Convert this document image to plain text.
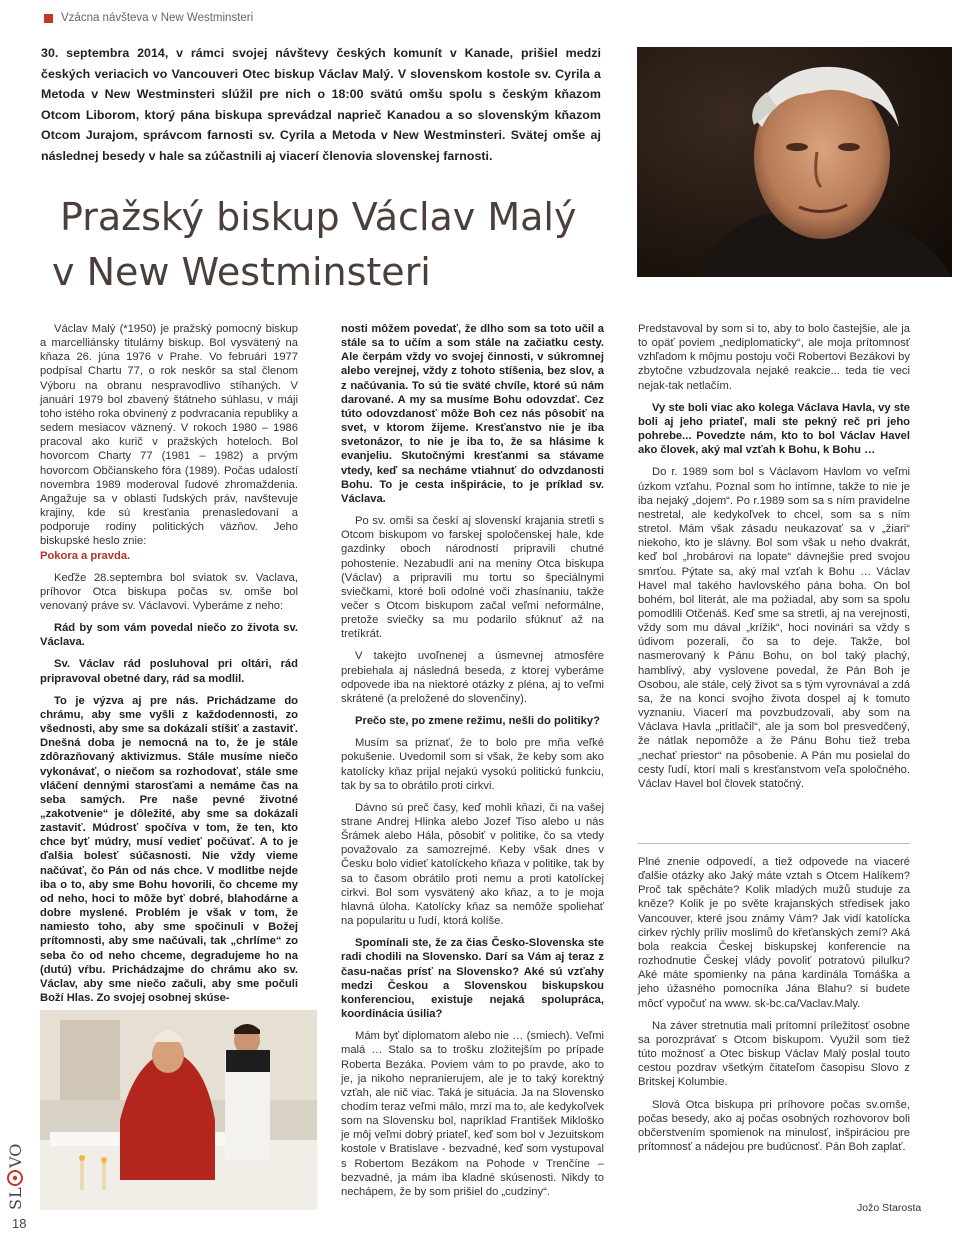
Vzácna návšteva v New Westminsteri
30. septembra 2014, v rámci svojej návštevy českých komunít v Kanade, prišiel medzi českých veriacich vo Vancouveri Otec biskup Václav Malý. V slovenskom kostole sv. Cyrila a Metoda v New Westminsteri slúžil pre nich o 18:00 svätú omšu spolu s českým kňazom Otcom Liborom, ktorý pána biskupa sprevádzal naprieč Kanadou a so slovenským kňazom Otcom Jurajom, správcom farnosti sv. Cyrila a Metoda v New Westminsteri. Svätej omše aj následnej besedy v hale sa zúčastnili aj viacerí členovia slovenskej farnosti.
Pražský biskup Václav Malý
v New Westminsteri

Václav Malý (*1950) je pražský pomocný biskup a marcelliánsky titulárny biskup. Bol vysvätený na kňaza 26. júna 1976 v Prahe. Vo februári 1977 podpísal Chartu 77, o rok neskôr sa stal členom Výboru na obranu nespravodlivo stíhaných. V januári 1979 bol zbavený štátneho súhlasu, v máji toho istého roka obvinený z podvracania republiky a sedem mesiacov väznený. V rokoch 1980 – 1986 pracoval ako kurič v pražských hoteloch. Bol hovorcom Charty 77 (1981 – 1982) a prvým hovorcom Občianskeho fóra (1989). Počas udalostí novembra 1989 moderoval ľudové zhromaždenia. Angažuje sa v oblasti ľudských práv, navštevuje krajiny, kde sú kresťania prenasledovaní a podporuje rodiny politických väzňov. Jeho biskupské heslo znie:

Pokora a pravda.

Keďže 28.septembra bol sviatok sv. Vaclava, príhovor Otca biskupa počas sv. omše bol venovaný práve sv. Václavovi. Vyberáme z neho:

Rád by som vám povedal niečo zo života sv. Václava.

Sv. Václav rád posluhoval pri oltári, rád pripravoval obetné dary, rád sa modlil.

To je výzva aj pre nás. Prichádzame do chrámu, aby sme vyšli z každodennosti, zo všednosti, aby sme sa dokázali stíšiť a zastaviť. Dnešná doba je nemocná na to, že je stále zdôrazňovaný aktivizmus. Stále musíme niečo vykonávať, o niečom sa rozhodovať, stále sme vláčení dennými starosťami a nemáme čas na seba samých. Pre naše pevné životné „zakotvenie“ je dôležité, aby sme sa dokázali zastaviť. Múdrosť spočíva v tom, že ten, kto chce byť múdry, musí vedieť počúvať. A to je ďalšia bolesť súčasnosti. Nie vždy vieme načúvať, čo Pán od nás chce. V modlitbe nejde iba o to, aby sme Bohu hovorili, čo chceme my od neho, hoci to môže byť dobré, blahodárne a dobre myslené. Problém je však v tom, že namiesto toho, aby sme spočinuli v Božej prítomnosti, aby sme načúvali, tak „chrlíme“ zo seba čo od neho chceme, degradujeme ho na (dutú) vŕbu. Prichádzajme do chrámu ako sv. Václav, aby sme niečo začuli, aby sme počuli Boží Hlas. Zo svojej osobnej skúse-

nosti môžem povedať, že dlho som sa toto učil a stále sa to učím a som stále na začiatku cesty. Ale čerpám vždy vo svojej činnosti, v súkromnej alebo verejnej, vždy z tohoto stíšenia, bez slov, a z načúvania. To sú tie sväté chvíle, ktoré sú nám darované. A my sa musíme Bohu odovzdať. Cez túto odovzdanosť môže Boh cez nás pôsobiť na svet, v ktorom žijeme. Kresťanstvo nie je iba svetonázor, to nie je iba to, že sa hlásime k evanjeliu. Skutočnými kresťanmi sa stávame vtedy, keď sa necháme vtiahnuť do odvzdanosti Bohu. To je cesta inšpirácie, to je príklad sv. Václava.

Po sv. omši sa českí aj slovenskí krajania stretli s Otcom biskupom vo farskej spoločenskej hale, kde gazdinky oboch národností pripravili chutné pohostenie. Nezabudli ani na meniny Otca biskupa (Václav) a pripravili mu tortu so špeciálnymi sviečkami, ktoré boli odolné voči zhasínaniu, takže večer s Otcom biskupom začal veľmi neformálne, pretože sviečky sa mu podarilo sfúknuť až na tretíkrát.

V takejto uvoľnenej a úsmevnej atmosfére prebiehala aj následná beseda, z ktorej vyberáme odpovede iba na niektoré otázky z pléna, aj to veľmi skrátené (a preložené do slovenčiny).

Prečo ste, po zmene režimu, nešli do politiky?

Musím sa priznať, že to bolo pre mňa veľké pokušenie. Uvedomil som si však, že keby som ako katolícky kňaz prijal nejakú vysokú politickú funkciu, tak by sa to obrátilo proti cirkvi.

Dávno sú preč časy, keď mohli kňazi, či na vašej strane Andrej Hlinka alebo Jozef Tiso alebo u nás Šrámek alebo Hála, pôsobiť v politike, čo sa vtedy považovalo za samozrejmé. Keby však dnes v Česku bolo vidieť katolíckeho kňaza v politike, tak by sa to časom obrátilo proti nemu a proti katolíckej cirkvi. Bol som vysvätený ako kňaz, a to je moja hlavná úloha. Katolícky kňaz sa nemôže spoliehať na popularitu u ľudí, ktorá kolíše.

Spomínali ste, že za čias Česko-Slovenska ste radi chodili na Slovensko. Darí sa Vám aj teraz z času-načas prísť na Slovensko? Aké sú vzťahy medzi Českou a Slovenskou biskupskou konferenciou, existuje nejaká spolupráca, koordinácia úsilia?

Mám byť diplomatom alebo nie … (smiech). Veľmi malá … Stalo sa to trošku zložitejším po prípade Roberta Bezáka. Poviem vám to po pravde, ako to je, ja nikoho nepranierujem, ale je to taký korektný vzťah, ale nič viac. Taká je situácia. Ja na Slovensko chodím teraz veľmi málo, mrzí ma to, ale kedykoľvek som na Slovensku bol, napríklad František Mikloško je môj veľmi dobrý priateľ, keď som bol v Jezuitskom kostole v Bratislave - bezvadné, keď som vystupoval s Robertom Bezákom na Pohode v Trenčíne – bezvadné, ja mám iba kladné skúsenosti. Nikdy to nechápem, že by som prišiel do „cudziny“.

Predstavoval by som si to, aby to bolo častejšie, ale ja to opäť poviem „nediplomaticky“, ale moja prítomnosť vzhľadom k môjmu postoju voči Robertovi Bezákovi by zbytočne vzbudzovala nejaké reakcie... teda tie veci nejak-tak netlačím.

Vy ste boli viac ako kolega Václava Havla, vy ste boli aj jeho priateľ, mali ste pekný reč pri jeho pohrebe... Povedzte nám, kto to bol Václav Havel ako človek, aký mal vzťah k Bohu, k Bohu …

Do r. 1989 som bol s Václavom Havlom vo veľmi úzkom vzťahu. Poznal som ho intímne, takže to nie je iba nejaký „dojem“. Po r.1989 som sa s ním pravidelne nestretal, ale kedykoľvek to chcel, som sa s ním stretol. Mám však zásadu neukazovať sa v „žiari“ niekoho, kto je slávny. Bol som však u neho dvakrát, keď bol „hrobárovi na lopate“ dávnejšie pred svojou smrťou. Pýtate sa, aký mal vzťah k Bohu … Václav Havel mal takého havlovského pána boha. On bol bohém, bol literát, ale ma požiadal, aby som sa spolu pomodlili Otčenáš. Keď sme sa stretli, aj na verejnosti, vždy som mu dával „krížik“, hoci novinári sa vždy s údivom pozerali, čo sa to deje. Takže, bol nasmerovaný k Pánu Bohu, on bol taký plachý, hamblivý, aby vyslovene povedal, že Pán Boh je Osobou, ale stále, celý život sa s tým vyrovnával a zdá sa, že na konci svojho života dospel aj k tomuto vyznaniu. Viacerí ma povzbudzovali, aby som na Václava Havla „pritlačil“, ale ja som bol presvedčený, že nátlak nepomôže a že Pánu Bohu tiež treba „nechať priestor“ na pôsobenie. A Pán mu posielal do cesty ľudí, ktorí mali s kresťanstvom veľa spoločného. Václav Havel bol človek statočný.

Plné znenie odpovedí, a tiež odpovede na viaceré ďalšie otázky ako Jaký máte vztah s Otcem Halíkem? Proč tak spěcháte? Kolik mladých mužů studuje za kněze? Kolik je po světe krajanských středisek jako Vancouver, které jsou známy Vám? Jak vidí katolícka cirkev rýchly príliv moslimů do křeťanských zemí? Aká bola reakcia Českej biskupskej konferencie na rozhodnutie Českej vlády povoliť potratovú pilulku? Aké máte spomienky na pána kardinála Tomáška a jeho úžasného pomocníka Jána Blahu? si budete môcť vypočuť na www. sk-bc.ca/Vaclav.Maly.

Na záver stretnutia mali prítomní príležitosť osobne sa porozprávať s Otcom biskupom. Využil som tiež túto možnosť a Otec biskup Václav Malý poslal touto cestou pozdrav všetkým čitateľom časopisu Slovo z Britskej Kolumbie.

Slová Otca biskupa pri príhovore počas sv.omše, počas besedy, ako aj počas osobných rozhovorov boli občerstvením spomienok na minulosť, inšpiráciou pre prítomnosť a nádejou pre budúcnosť. Pán Boh zaplať.

Jožo Starosta
SL
VO
18
